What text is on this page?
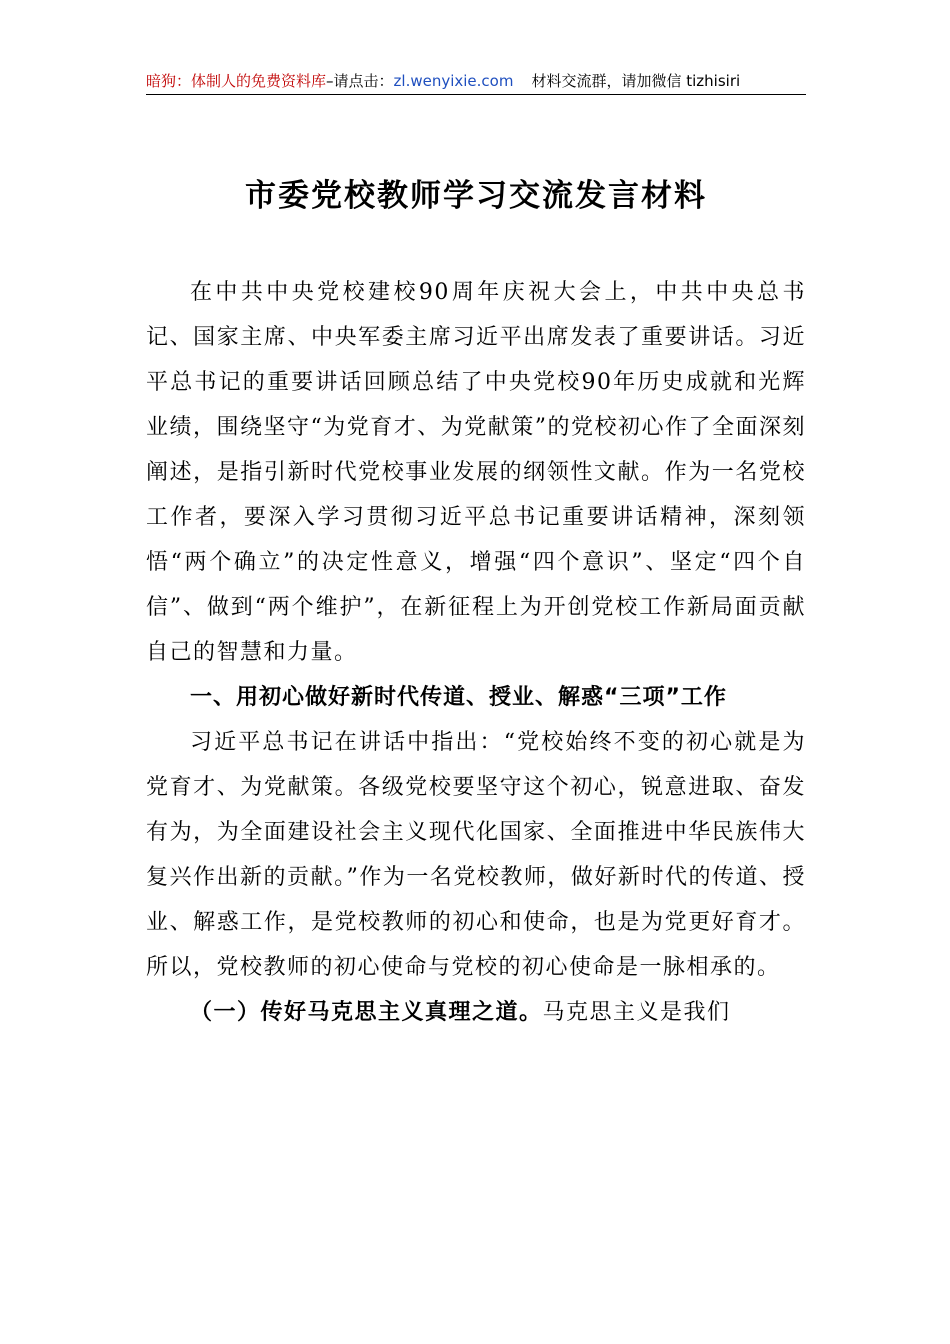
暗狗：体制人的免费资料库–请点击：zl.wenyixie.com 材料交流群，请加微信 tizhisiri
市委党校教师学习交流发言材料

在中共中央党校建校90周年庆祝大会上，中共中央总书记、国家主席、中央军委主席习近平出席发表了重要讲话。习近平总书记的重要讲话回顾总结了中央党校90年历史成就和光辉业绩，围绕坚守“为党育才、为党献策”的党校初心作了全面深刻阐述，是指引新时代党校事业发展的纲领性文献。作为一名党校工作者，要深入学习贯彻习近平总书记重要讲话精神，深刻领悟“两个确立”的决定性意义，增强“四个意识”、坚定“四个自信”、做到“两个维护”，在新征程上为开创党校工作新局面贡献自己的智慧和力量。

一、用初心做好新时代传道、授业、解惑“三项”工作

习近平总书记在讲话中指出：“党校始终不变的初心就是为党育才、为党献策。各级党校要坚守这个初心，锐意进取、奋发有为，为全面建设社会主义现代化国家、全面推进中华民族伟大复兴作出新的贡献。”作为一名党校教师，做好新时代的传道、授业、解惑工作，是党校教师的初心和使命，也是为党更好育才。所以，党校教师的初心使命与党校的初心使命是一脉相承的。

（一）传好马克思主义真理之道。马克思主义是我们
